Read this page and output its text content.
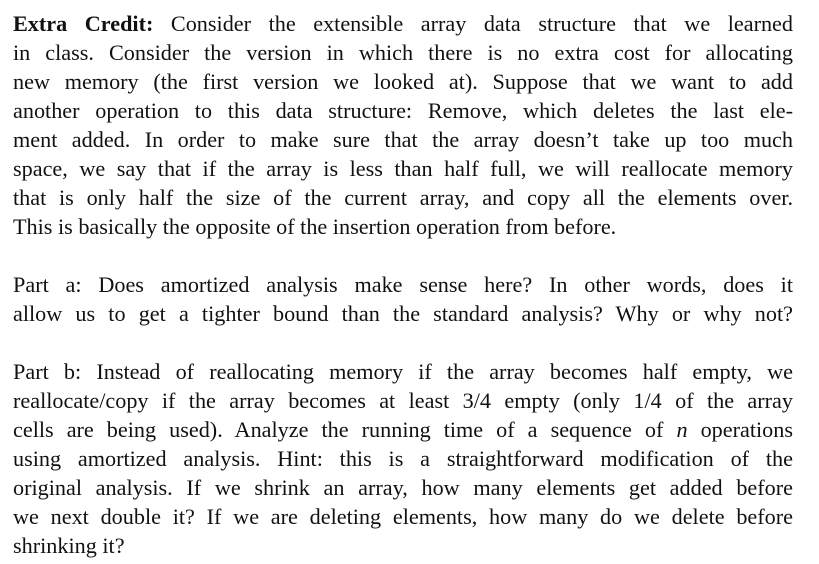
Extra Credit: Consider the extensible array data structure that we learned
in class. Consider the version in which there is no extra cost for allocating
new memory (the first version we looked at). Suppose that we want to add
another operation to this data structure: Remove, which deletes the last ele-
ment added. In order to make sure that the array doesn’t take up too much
space, we say that if the array is less than half full, we will reallocate memory
that is only half the size of the current array, and copy all the elements over.
This is basically the opposite of the insertion operation from before.

Part a: Does amortized analysis make sense here? In other words, does it
allow us to get a tighter bound than the standard analysis? Why or why not?

Part b: Instead of reallocating memory if the array becomes half empty, we
reallocate/copy if the array becomes at least 3/4 empty (only 1/4 of the array
cells are being used). Analyze the running time of a sequence of n operations
using amortized analysis. Hint: this is a straightforward modification of the
original analysis. If we shrink an array, how many elements get added before
we next double it? If we are deleting elements, how many do we delete before
shrinking it?
